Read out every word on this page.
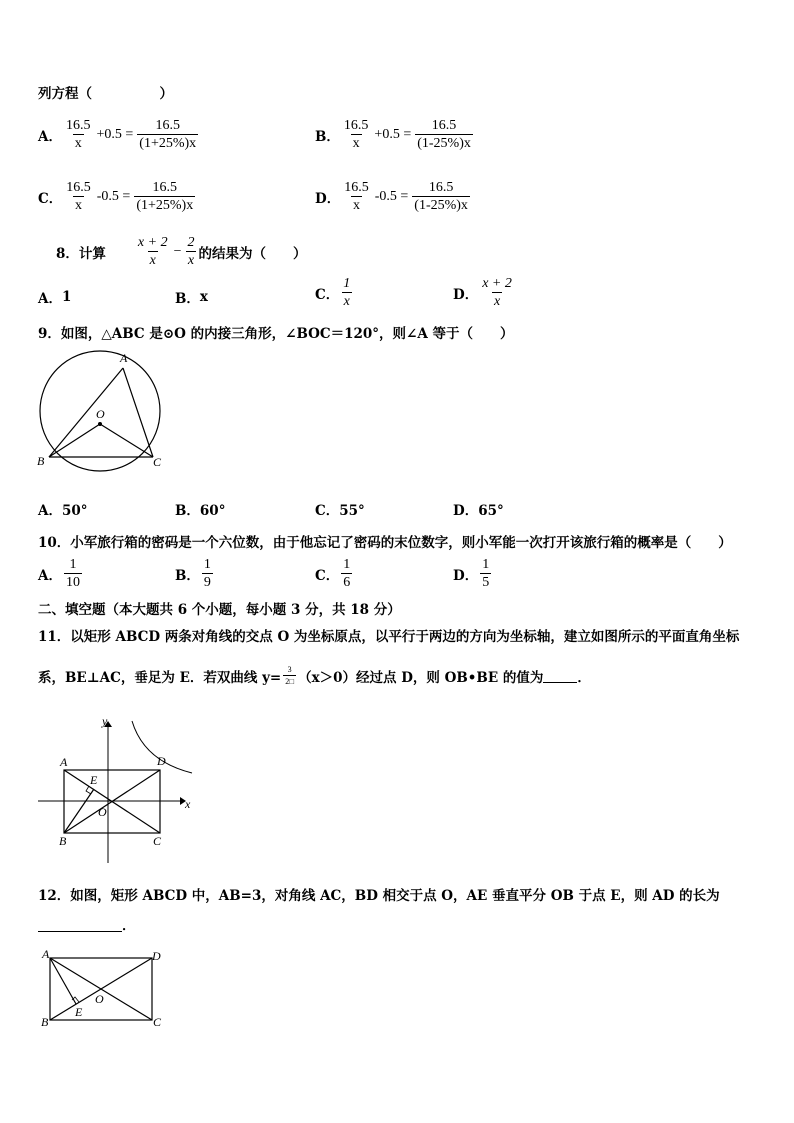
列方程（　　　　　）
A． $\frac{16.5}{x} +0.5 = \frac{16.5}{(1+25\%)x}$	B． $\frac{16.5}{x} +0.5 = \frac{16.5}{(1-25\%)x}$
C． $\frac{16.5}{x} -0.5 = \frac{16.5}{(1+25\%)x}$	D． $\frac{16.5}{x} -0.5 = \frac{16.5}{(1-25\%)x}$
8．计算 $\frac{x + 2}{x} - \frac{2}{x}$ 的结果为（　　）
A． 1	B． x	C． $\frac{1}{x}$	D． $\frac{x + 2}{x}$
9．如图，△ABC 是⊙O 的内接三角形，∠BOC＝120°，则∠A 等于（　　）
A
O
B	C
A．50°	B．60°	C．55°	D．65°
10．小军旅行箱的密码是一个六位数，由于他忘记了密码的末位数字，则小军能一次打开该旅行箱的概率是（　　）
A． $\frac{1}{10}$	B． $\frac{1}{9}$	C． $\frac{1}{6}$	D． $\frac{1}{5}$
二、填空题（本大题共 6 个小题，每小题 3 分，共 18 分）
11．以矩形 ABCD 两条对角线的交点 O 为坐标原点，以平行于两边的方向为坐标轴，建立如图所示的平面直角坐标
系，BE⊥AC，垂足为 E．若双曲线 $y= \frac{3}{2□} (x>0)$经过点 D，则 OB•BE 的值为	．
y
x
A	D
E
O
B	C
12．如图，矩形 ABCD 中，AB=3，对角线 AC，BD 相交于点 O，AE 垂直平分 OB 于点 E，则 AD 的长为
．
A	D
O
E
B	C
